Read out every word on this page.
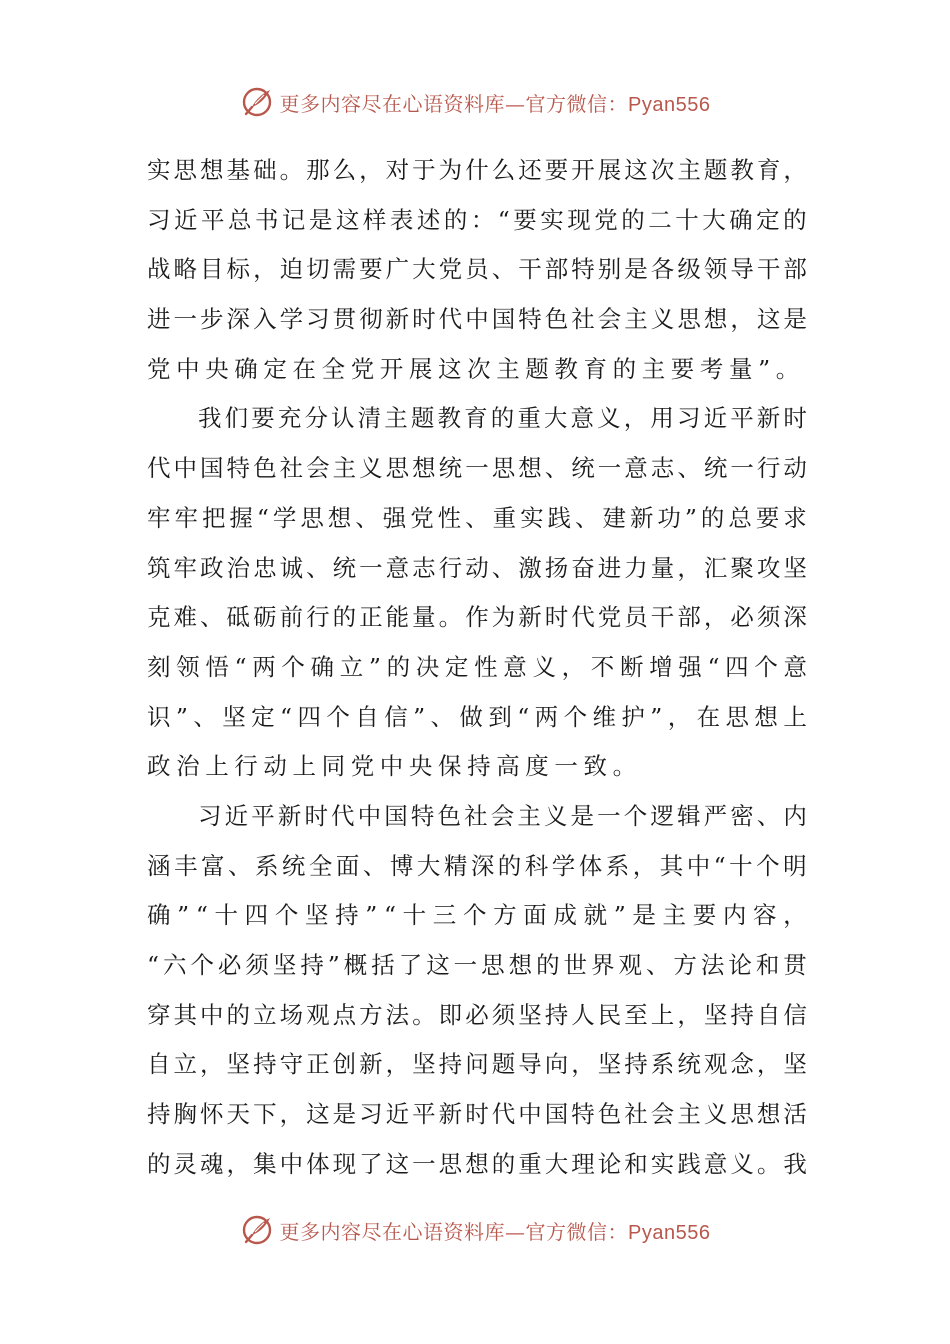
更多内容尽在心语资料库—官方微信：Pyan556
实 思 想 基 础 。 那 么 ， 对 于 为 什 么 还 要 开 展 这 次 主 题 教 育 ，
习 近 平 总 书 记 是 这 样 表 述 的 ： “ 要 实 现 党 的 二 十 大 确 定 的
战 略 目 标 ， 迫 切 需 要 广 大 党 员 、 干 部 特 别 是 各 级 领 导 干 部
进 一 步 深 入 学 习 贯 彻 新 时 代 中 国 特 色 社 会 主 义 思 想 ， 这 是
党中央确定在全党开展这次主题教育的主要考量”。
我 们 要 充 分 认 清 主 题 教 育 的 重 大 意 义 ， 用 习 近 平 新 时
代 中 国 特 色 社 会 主 义 思 想 统 一 思 想 、 统 一 意 志 、 统 一 行 动
牢 牢 把 握 “ 学 思 想 、 强 党 性 、 重 实 践 、 建 新 功 ” 的 总 要 求
筑 牢 政 治 忠 诚 、 统 一 意 志 行 动 、 激 扬 奋 进 力 量 ， 汇 聚 攻 坚
克 难 、 砥 砺 前 行 的 正 能 量 。 作 为 新 时 代 党 员 干 部 ， 必 须 深
刻 领 悟 “ 两 个 确 立 ” 的 决 定 性 意 义 ， 不 断 增 强 “ 四 个 意
识 ” 、 坚 定 “ 四 个 自 信 ” 、 做 到 “ 两 个 维 护 ” ， 在 思 想 上
政治上行动上同党中央保持高度一致。
习 近 平 新 时 代 中 国 特 色 社 会 主 义 是 一 个 逻 辑 严 密 、 内
涵 丰 富 、 系 统 全 面 、 博 大 精 深 的 科 学 体 系 ， 其 中 “ 十 个 明
确 ” “ 十 四 个 坚 持 ” “ 十 三 个 方 面 成 就 ” 是 主 要 内 容 ，
“ 六 个 必 须 坚 持 ” 概 括 了 这 一 思 想 的 世 界 观 、 方 法 论 和 贯
穿 其 中 的 立 场 观 点 方 法 。 即 必 须 坚 持 人 民 至 上 ， 坚 持 自 信
自 立 ， 坚 持 守 正 创 新 ， 坚 持 问 题 导 向 ， 坚 持 系 统 观 念 ， 坚
持 胸 怀 天 下 ， 这 是 习 近 平 新 时 代 中 国 特 色 社 会 主 义 思 想 活
的 灵 魂 ， 集 中 体 现 了 这 一 思 想 的 重 大 理 论 和 实 践 意 义 。 我
更多内容尽在心语资料库—官方微信：Pyan556
